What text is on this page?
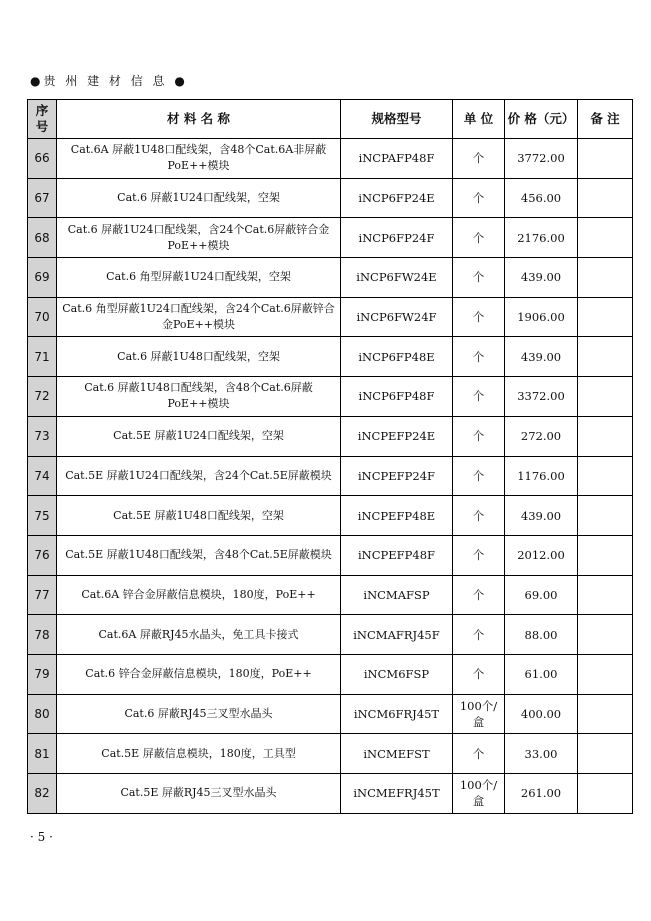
●贵 州 建 材 信 息 ●
序号	材 料 名 称	规格型号	单 位	价 格（元）	备 注
66	Cat.6A 屏蔽1U48口配线架，含48个Cat.6A非屏蔽PoE++模块	iNCPAFP48F	个	3772.00	
67	Cat.6 屏蔽1U24口配线架，空架	iNCP6FP24E	个	456.00	
68	Cat.6 屏蔽1U24口配线架，含24个Cat.6屏蔽锌合金PoE++模块	iNCP6FP24F	个	2176.00	
69	Cat.6 角型屏蔽1U24口配线架，空架	iNCP6FW24E	个	439.00	
70	Cat.6 角型屏蔽1U24口配线架，含24个Cat.6屏蔽锌合金PoE++模块	iNCP6FW24F	个	1906.00	
71	Cat.6 屏蔽1U48口配线架，空架	iNCP6FP48E	个	439.00	
72	Cat.6 屏蔽1U48口配线架，含48个Cat.6屏蔽PoE++模块	iNCP6FP48F	个	3372.00	
73	Cat.5E 屏蔽1U24口配线架，空架	iNCPEFP24E	个	272.00	
74	Cat.5E 屏蔽1U24口配线架，含24个Cat.5E屏蔽模块	iNCPEFP24F	个	1176.00	
75	Cat.5E 屏蔽1U48口配线架，空架	iNCPEFP48E	个	439.00	
76	Cat.5E 屏蔽1U48口配线架，含48个Cat.5E屏蔽模块	iNCPEFP48F	个	2012.00	
77	Cat.6A 锌合金屏蔽信息模块，180度，PoE++	iNCMAFSP	个	69.00	
78	Cat.6A 屏蔽RJ45水晶头，免工具卡接式	iNCMAFRJ45F	个	88.00	
79	Cat.6 锌合金屏蔽信息模块，180度，PoE++	iNCM6FSP	个	61.00	
80	Cat.6 屏蔽RJ45三叉型水晶头	iNCM6FRJ45T	100个/盒	400.00	
81	Cat.5E 屏蔽信息模块，180度，工具型	iNCMEFST	个	33.00	
82	Cat.5E 屏蔽RJ45三叉型水晶头	iNCMEFRJ45T	100个/盒	261.00	
· 5 ·
